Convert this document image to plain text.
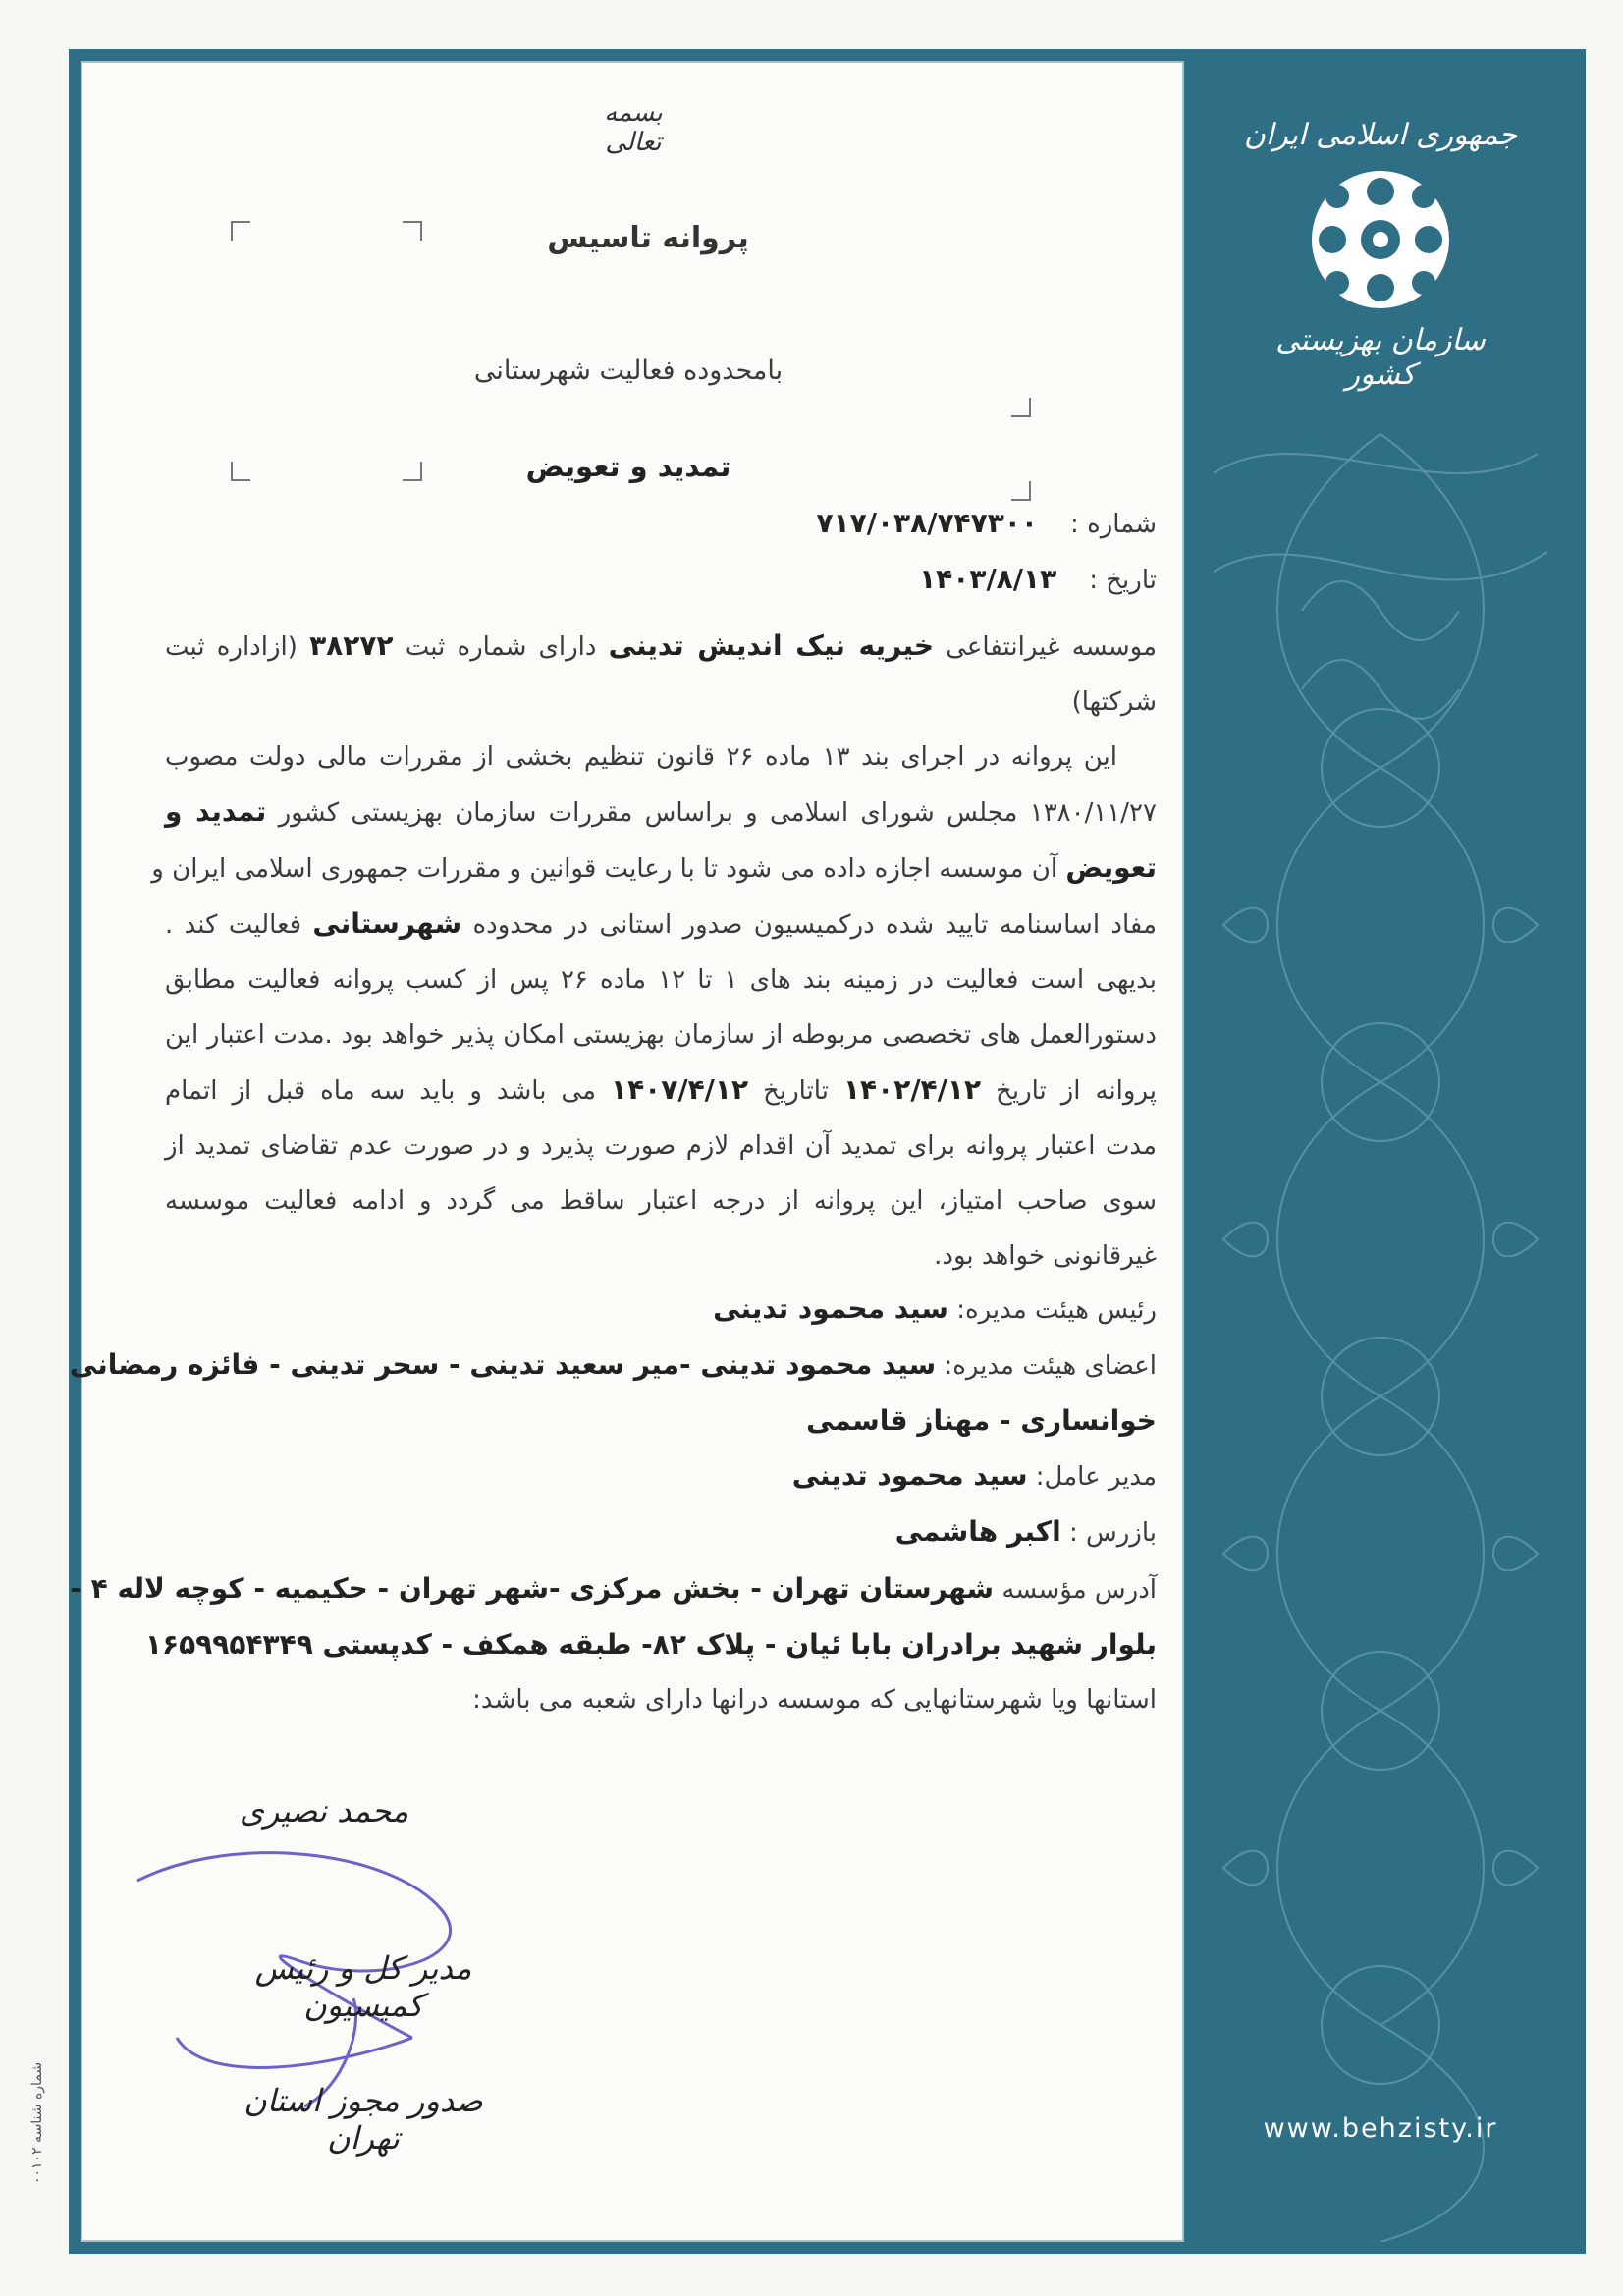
جمهوری اسلامی ایران
سازمان بهزیستی کشور
www.behzisty.ir
بسمه تعالی
پروانه تاسیس
بامحدوده فعالیت شهرستانی
تمدید و تعویض
شماره :    ۷۱۷/۰۳۸/۷۴۷۳۰۰
تاریخ :    ۱۴۰۳/۸/۱۳
موسسه غیرانتفاعی خیریه نیک اندیش تدینی دارای شماره ثبت ۳۸۲۷۲ (ازاداره ثبت
شرکتها)
این پروانه در اجرای بند ۱۳ ماده ۲۶ قانون تنظیم بخشی از مقررات مالی دولت مصوب
۱۳۸۰/۱۱/۲۷ مجلس شورای اسلامی و براساس مقررات سازمان بهزیستی کشور تمدید و
تعویض آن موسسه اجازه داده می شود تا با رعایت قوانین و مقررات جمهوری اسلامی ایران و
مفاد اساسنامه تایید شده درکمیسیون صدور استانی در محدوده شهرستانی فعالیت کند .
بدیهی است فعالیت در زمینه بند های ۱ تا ۱۲ ماده ۲۶ پس از کسب پروانه فعالیت مطابق
دستورالعمل های تخصصی مربوطه از سازمان بهزیستی امکان پذیر خواهد بود .مدت اعتبار این
پروانه از تاریخ ۱۴۰۲/۴/۱۲ تاتاریخ ۱۴۰۷/۴/۱۲ می باشد و باید سه ماه قبل از اتمام
مدت اعتبار پروانه برای تمدید آن اقدام لازم صورت پذیرد و در صورت عدم تقاضای تمدید از
سوی صاحب امتیاز، این پروانه از درجه اعتبار ساقط می گردد و ادامه فعالیت موسسه
غیرقانونی خواهد بود.
رئیس هیئت مدیره: سید محمود تدینی
اعضای هیئت مدیره: سید محمود تدینی -میر سعید تدینی - سحر تدینی - فائزه رمضانی
خوانساری - مهناز قاسمی
مدیر عامل: سید محمود تدینی
بازرس : اکبر هاشمی
آدرس مؤسسه شهرستان تهران - بخش مرکزی -شهر تهران - حکیمیه - کوچه لاله ۴ -
بلوار شهید برادران بابا ئیان - پلاک ۸۲- طبقه همکف - کدپستی ۱۶۵۹۹۵۴۳۴۹
استانها ویا شهرستانهایی که موسسه درانها دارای شعبه می باشد:
محمد نصیری
مدیر کل و رئیس کمیسیون
صدور مجوز استان تهران
شماره شناسه ۰۰۱۰۲
